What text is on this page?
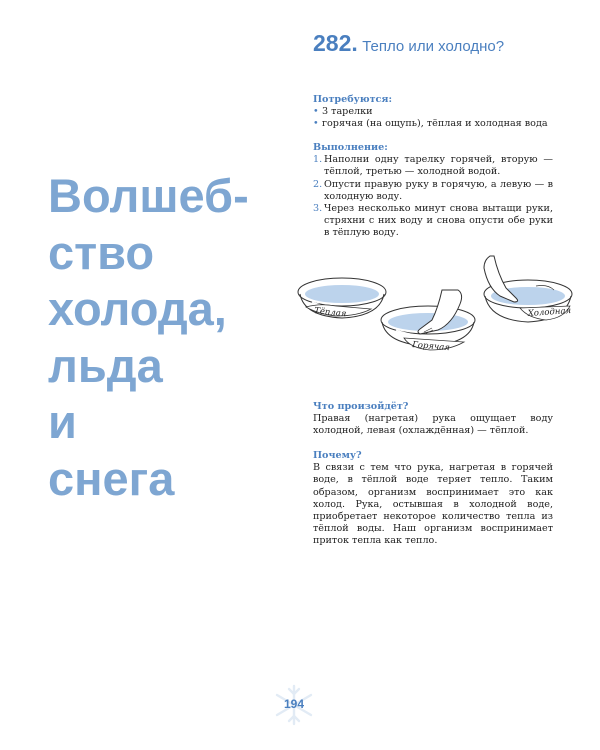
Волшеб-
ство
холода,
льда
и
снега
282. Тепло или холодно?
Потребуются:
• 3 тарелки
• горячая (на ощупь), тёплая и холодная вода
Выполнение:
1. Наполни одну тарелку горячей, вторую — тёплой, третью — холодной водой.
2. Опусти правую руку в горячую, а левую — в холодную воду.
3. Через несколько минут снова вытащи руки, стряхни с них воду и снова опусти обе руки в тёплую воду.
Тёплая
Горячая
Холодная
Что произойдёт?

Правая (нагретая) рука ощущает воду холодной, левая (охлаждённая) — тёплой.

Почему?

В связи с тем что рука, нагретая в горячей воде, в тёплой воде теряет тепло. Таким образом, организм воспринимает это как холод. Рука, остывшая в холодной воде, приобретает некоторое количество тепла из тёплой воды. Наш организм воспринимает приток тепла как тепло.

194
